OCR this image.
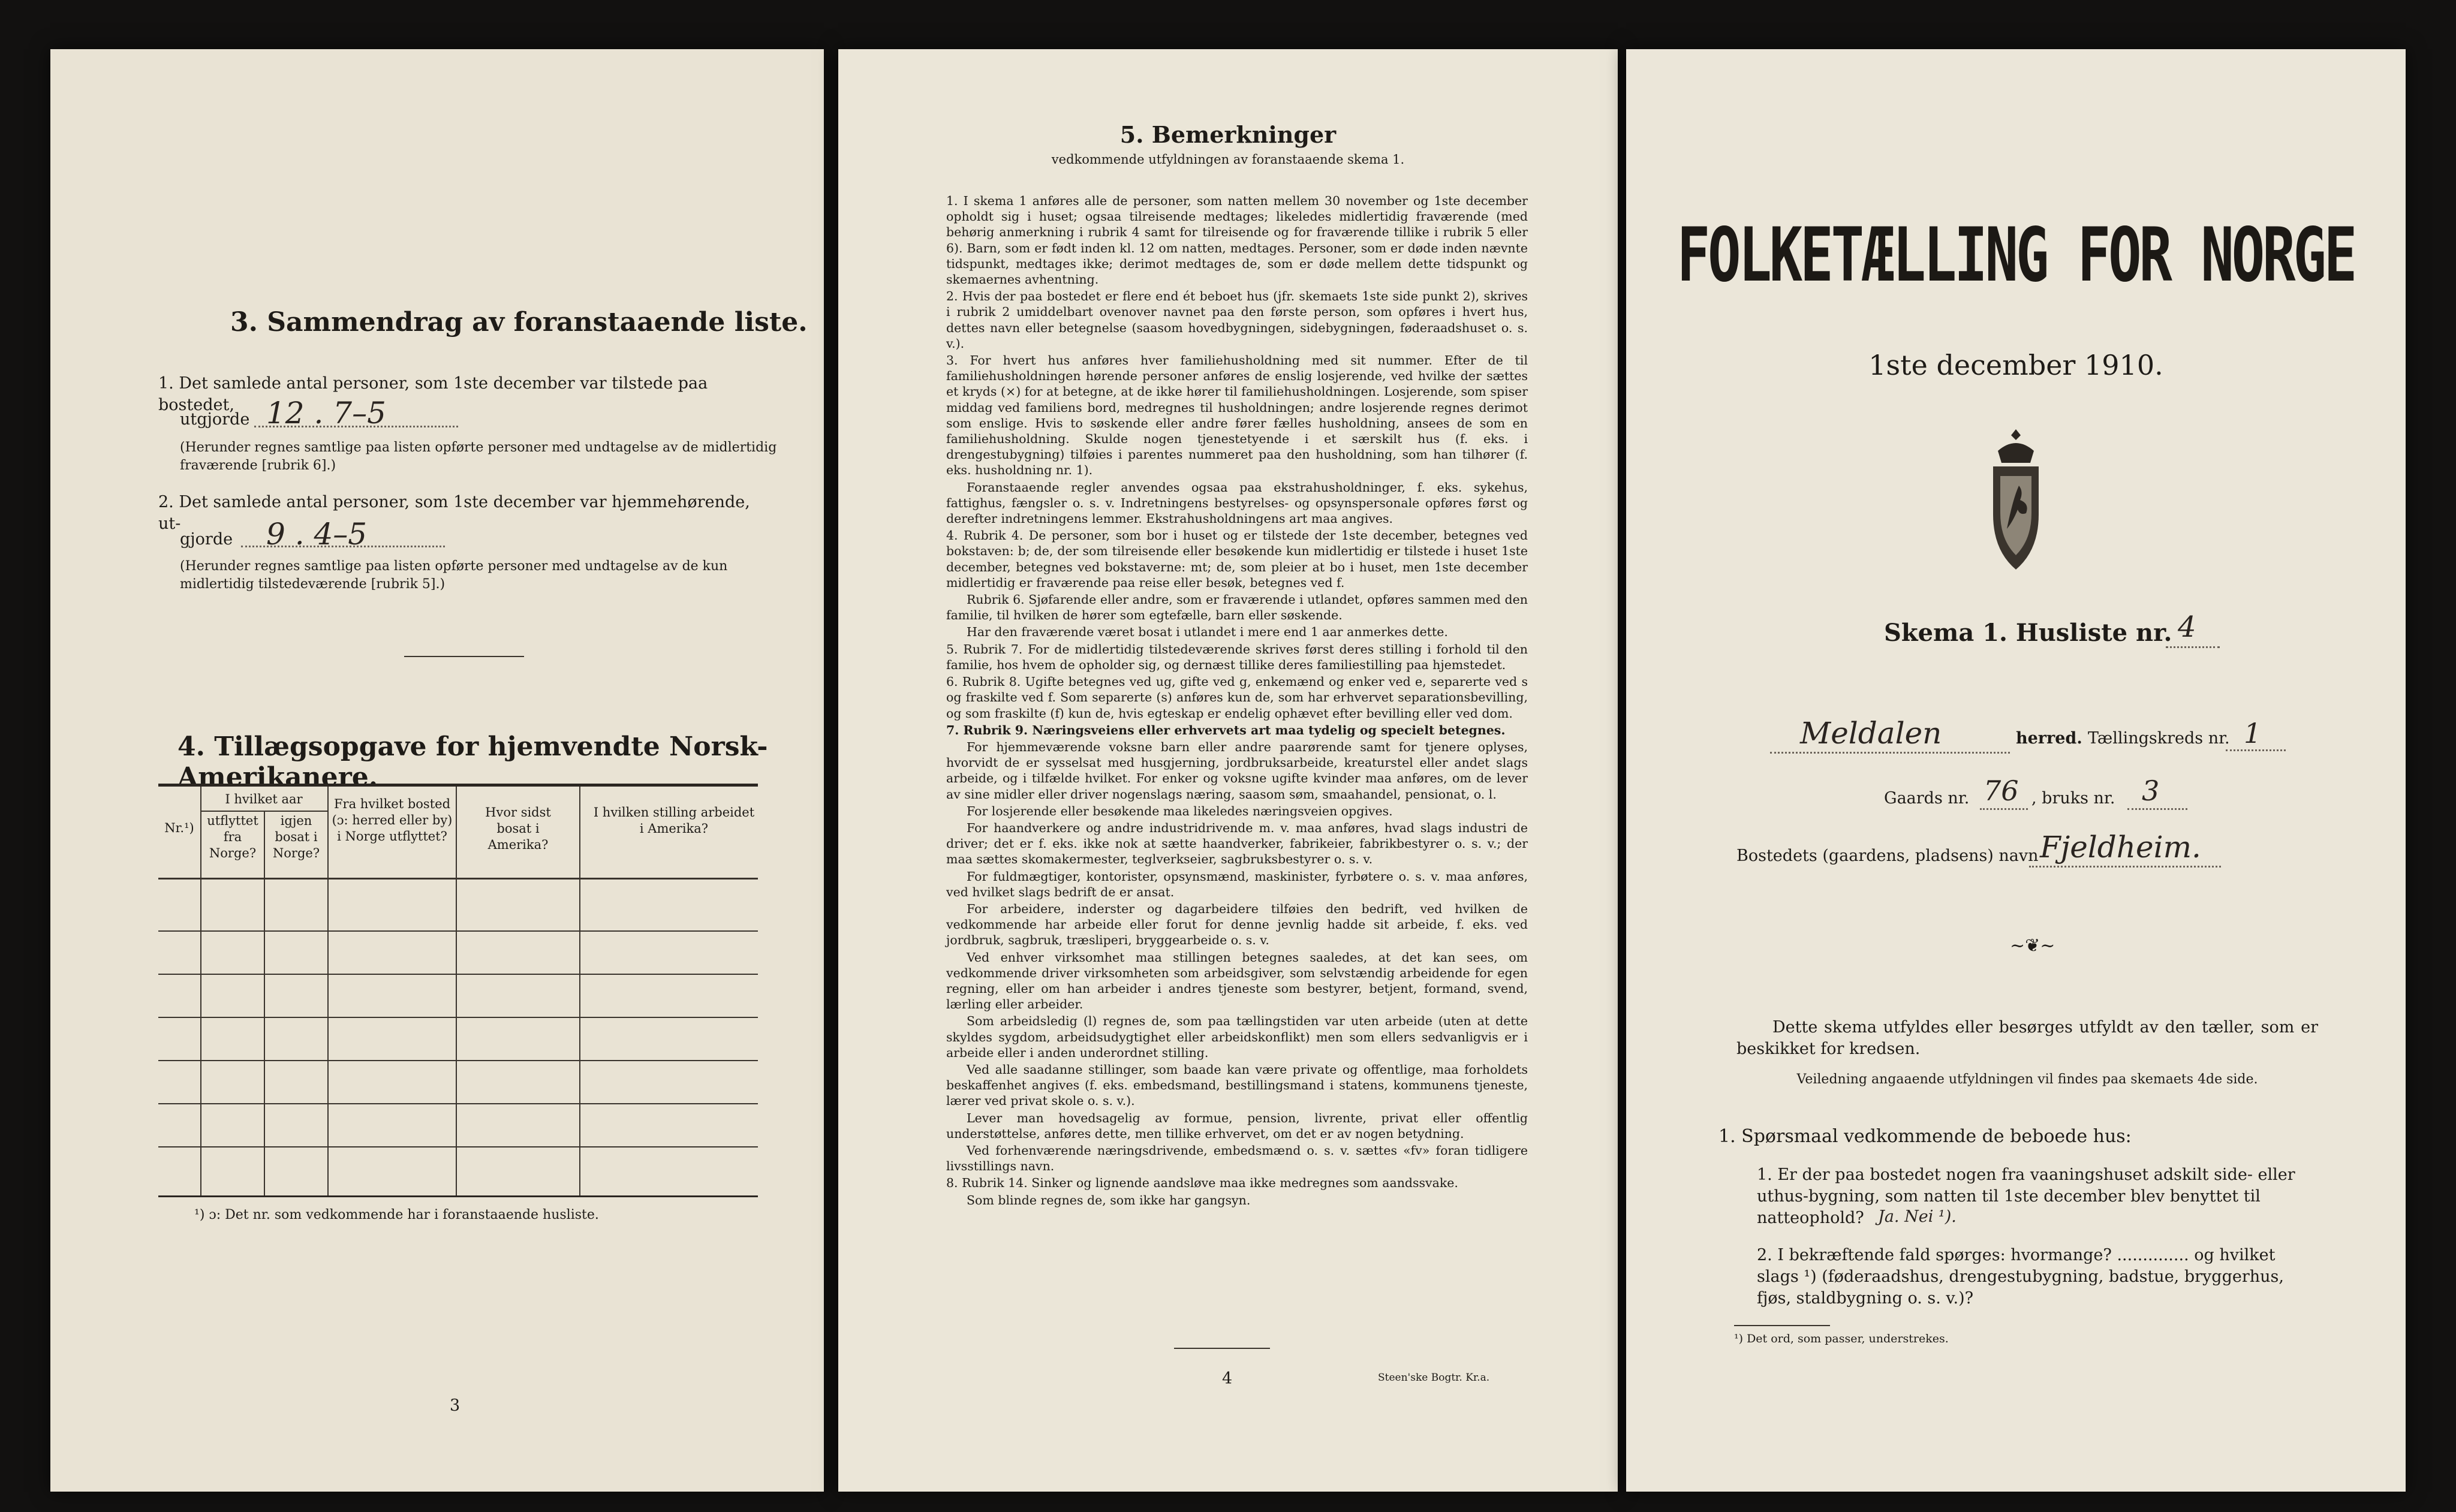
3. Sammendrag av foranstaaende liste.
1. Det samlede antal personer, som 1ste december var tilstede paa bostedet,
utgjorde 12 . 7–5
(Herunder regnes samtlige paa listen opførte personer med undtagelse av de midlertidig fraværende [rubrik 6].)
2. Det samlede antal personer, som 1ste december var hjemmehørende, ut-
gjorde 9 . 4–5
(Herunder regnes samtlige paa listen opførte personer med undtagelse av de kun midlertidig tilstedeværende [rubrik 5].)
4. Tillægsopgave for hjemvendte Norsk-Amerikanere.
Nr.¹)
I hvilket aar
utflyttet fra Norge?
igjen bosat i Norge?
Fra hvilket bosted (ɔ: herred eller by) i Norge utflyttet?
Hvor sidst bosat i Amerika?
I hvilken stilling arbeidet i Amerika?
¹) ɔ: Det nr. som vedkommende har i foranstaaende husliste.
3
5. Bemerkninger
vedkommende utfyldningen av foranstaaende skema 1.

1. I skema 1 anføres alle de personer, som natten mellem 30 november og 1ste december opholdt sig i huset; ogsaa tilreisende medtages; likeledes midlertidig fraværende (med behørig anmerkning i rubrik 4 samt for tilreisende og for fraværende tillike i rubrik 5 eller 6). Barn, som er født inden kl. 12 om natten, medtages. Personer, som er døde inden nævnte tidspunkt, medtages ikke; derimot medtages de, som er døde mellem dette tidspunkt og skemaernes avhentning.

2. Hvis der paa bostedet er flere end ét beboet hus (jfr. skemaets 1ste side punkt 2), skrives i rubrik 2 umiddelbart ovenover navnet paa den første person, som opføres i hvert hus, dettes navn eller betegnelse (saasom hovedbygningen, sidebygningen, føderaadshuset o. s. v.).

3. For hvert hus anføres hver familiehusholdning med sit nummer. Efter de til familiehusholdningen hørende personer anføres de enslig losjerende, ved hvilke der sættes et kryds (×) for at betegne, at de ikke hører til familiehusholdningen. Losjerende, som spiser middag ved familiens bord, medregnes til husholdningen; andre losjerende regnes derimot som enslige. Hvis to søskende eller andre fører fælles husholdning, ansees de som en familiehusholdning. Skulde nogen tjenestetyende i et særskilt hus (f. eks. i drengestubygning) tilføies i parentes nummeret paa den husholdning, som han tilhører (f. eks. husholdning nr. 1).

Foranstaaende regler anvendes ogsaa paa ekstrahusholdninger, f. eks. sykehus, fattighus, fængsler o. s. v. Indretningens bestyrelses- og opsynspersonale opføres først og derefter indretningens lemmer. Ekstrahusholdningens art maa angives.

4. Rubrik 4. De personer, som bor i huset og er tilstede der 1ste december, betegnes ved bokstaven: b; de, der som tilreisende eller besøkende kun midlertidig er tilstede i huset 1ste december, betegnes ved bokstaverne: mt; de, som pleier at bo i huset, men 1ste december midlertidig er fraværende paa reise eller besøk, betegnes ved f.

Rubrik 6. Sjøfarende eller andre, som er fraværende i utlandet, opføres sammen med den familie, til hvilken de hører som egtefælle, barn eller søskende.

Har den fraværende været bosat i utlandet i mere end 1 aar anmerkes dette.

5. Rubrik 7. For de midlertidig tilstedeværende skrives først deres stilling i forhold til den familie, hos hvem de opholder sig, og dernæst tillike deres familiestilling paa hjemstedet.

6. Rubrik 8. Ugifte betegnes ved ug, gifte ved g, enkemænd og enker ved e, separerte ved s og fraskilte ved f. Som separerte (s) anføres kun de, som har erhvervet separationsbevilling, og som fraskilte (f) kun de, hvis egteskap er endelig ophævet efter bevilling eller ved dom.

7. Rubrik 9. Næringsveiens eller erhvervets art maa tydelig og specielt betegnes.

For hjemmeværende voksne barn eller andre paarørende samt for tjenere oplyses, hvorvidt de er sysselsat med husgjerning, jordbruksarbeide, kreaturstel eller andet slags arbeide, og i tilfælde hvilket. For enker og voksne ugifte kvinder maa anføres, om de lever av sine midler eller driver nogenslags næring, saasom søm, smaahandel, pensionat, o. l.

For losjerende eller besøkende maa likeledes næringsveien opgives.

For haandverkere og andre industridrivende m. v. maa anføres, hvad slags industri de driver; det er f. eks. ikke nok at sætte haandverker, fabrikeier, fabrikbestyrer o. s. v.; der maa sættes skomakermester, teglverkseier, sagbruksbestyrer o. s. v.

For fuldmægtiger, kontorister, opsynsmænd, maskinister, fyrbøtere o. s. v. maa anføres, ved hvilket slags bedrift de er ansat.

For arbeidere, inderster og dagarbeidere tilføies den bedrift, ved hvilken de vedkommende har arbeide eller forut for denne jevnlig hadde sit arbeide, f. eks. ved jordbruk, sagbruk, træsliperi, bryggearbeide o. s. v.

Ved enhver virksomhet maa stillingen betegnes saaledes, at det kan sees, om vedkommende driver virksomheten som arbeidsgiver, som selvstændig arbeidende for egen regning, eller om han arbeider i andres tjeneste som bestyrer, betjent, formand, svend, lærling eller arbeider.

Som arbeidsledig (l) regnes de, som paa tællingstiden var uten arbeide (uten at dette skyldes sygdom, arbeidsudygtighet eller arbeidskonflikt) men som ellers sedvanligvis er i arbeide eller i anden underordnet stilling.

Ved alle saadanne stillinger, som baade kan være private og offentlige, maa forholdets beskaffenhet angives (f. eks. embedsmand, bestillingsmand i statens, kommunens tjeneste, lærer ved privat skole o. s. v.).

Lever man hovedsagelig av formue, pension, livrente, privat eller offentlig understøttelse, anføres dette, men tillike erhvervet, om det er av nogen betydning.

Ved forhenværende næringsdrivende, embedsmænd o. s. v. sættes «fv» foran tidligere livsstillings navn.

8. Rubrik 14. Sinker og lignende aandsløve maa ikke medregnes som aandssvake.

Som blinde regnes de, som ikke har gangsyn.

4	Steen'ske Bogtr. Kr.a.
FOLKETÆLLING FOR NORGE
1ste december 1910.
Skema 1. Husliste nr. 4
Meldalen	herred. Tællingskreds nr. 1
Gaards nr. 76 , bruks nr. 3
Bostedets (gaardens, pladsens) navn Fjeldheim.
~❦~
Dette skema utfyldes eller besørges utfyldt av den tæller, som er beskikket for kredsen.
Veiledning angaaende utfyldningen vil findes paa skemaets 4de side.
1. Spørsmaal vedkommende de beboede hus:
1. Er der paa bostedet nogen fra vaaningshuset adskilt side- eller uthus-bygning, som natten til 1ste december blev benyttet til natteophold? Ja. Nei ¹).
2. I bekræftende fald spørges: hvormange? .............. og hvilket slags ¹) (føderaadshus, drengestubygning, badstue, bryggerhus, fjøs, staldbygning o. s. v.)?
¹) Det ord, som passer, understrekes.
